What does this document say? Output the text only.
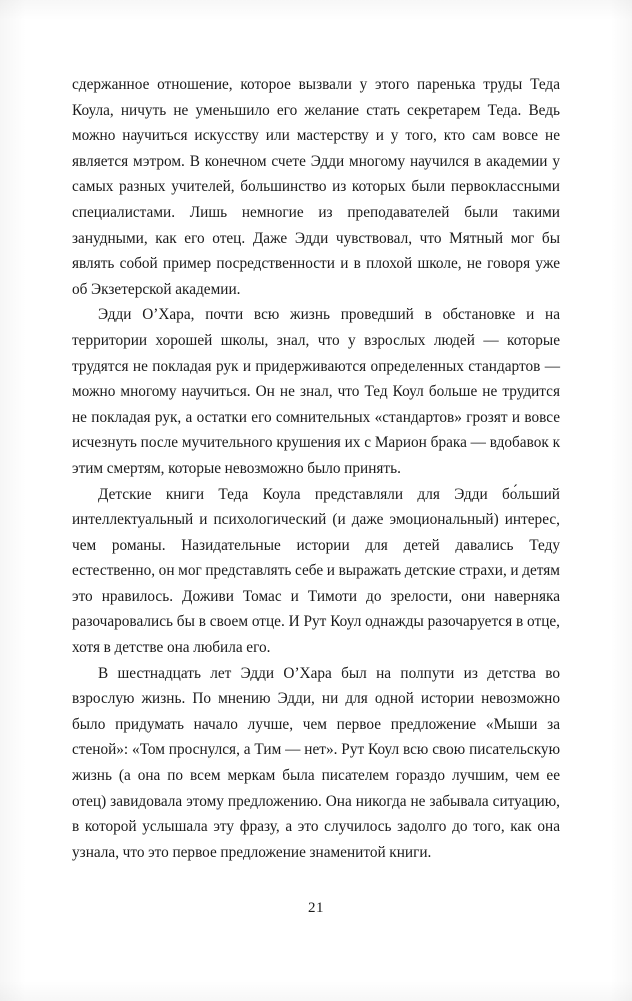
сдержанное отношение, которое вызвали у этого паренька труды Теда Коула, ничуть не уменьшило его желание стать секретарем Теда. Ведь можно научиться искусству или мастерству и у того, кто сам вовсе не является мэтром. В конечном счете Эдди многому научился в академии у самых разных учителей, большинство из которых были первоклассными специалистами. Лишь немногие из преподавателей были такими занудными, как его отец. Даже Эдди чувствовал, что Мятный мог бы являть собой пример посредственности и в плохой школе, не говоря уже об Экзетерской академии.

Эдди О’Хара, почти всю жизнь проведший в обстановке и на территории хорошей школы, знал, что у взрослых людей — которые трудятся не покладая рук и придерживаются определенных стандартов — можно многому научиться. Он не знал, что Тед Коул больше не трудится не покладая рук, а остатки его сомнительных «стандартов» грозят и вовсе исчезнуть после мучительного крушения их с Марион брака — вдобавок к этим смертям, которые невозможно было принять.

Детские книги Теда Коула представляли для Эдди бо́льший интеллектуальный и психологический (и даже эмоциональный) интерес, чем романы. Назидательные истории для детей давались Теду естественно, он мог представлять себе и выражать детские страхи, и детям это нравилось. Доживи Томас и Тимоти до зрелости, они наверняка разочаровались бы в своем отце. И Рут Коул однажды разочаруется в отце, хотя в детстве она любила его.

В шестнадцать лет Эдди О’Хара был на полпути из детства во взрослую жизнь. По мнению Эдди, ни для одной истории невозможно было придумать начало лучше, чем первое предложение «Мыши за стеной»: «Том проснулся, а Тим — нет». Рут Коул всю свою писательскую жизнь (а она по всем меркам была писателем гораздо лучшим, чем ее отец) завидовала этому предложению. Она никогда не забывала ситуацию, в которой услышала эту фразу, а это случилось задолго до того, как она узнала, что это первое предложение знаменитой книги.

21
